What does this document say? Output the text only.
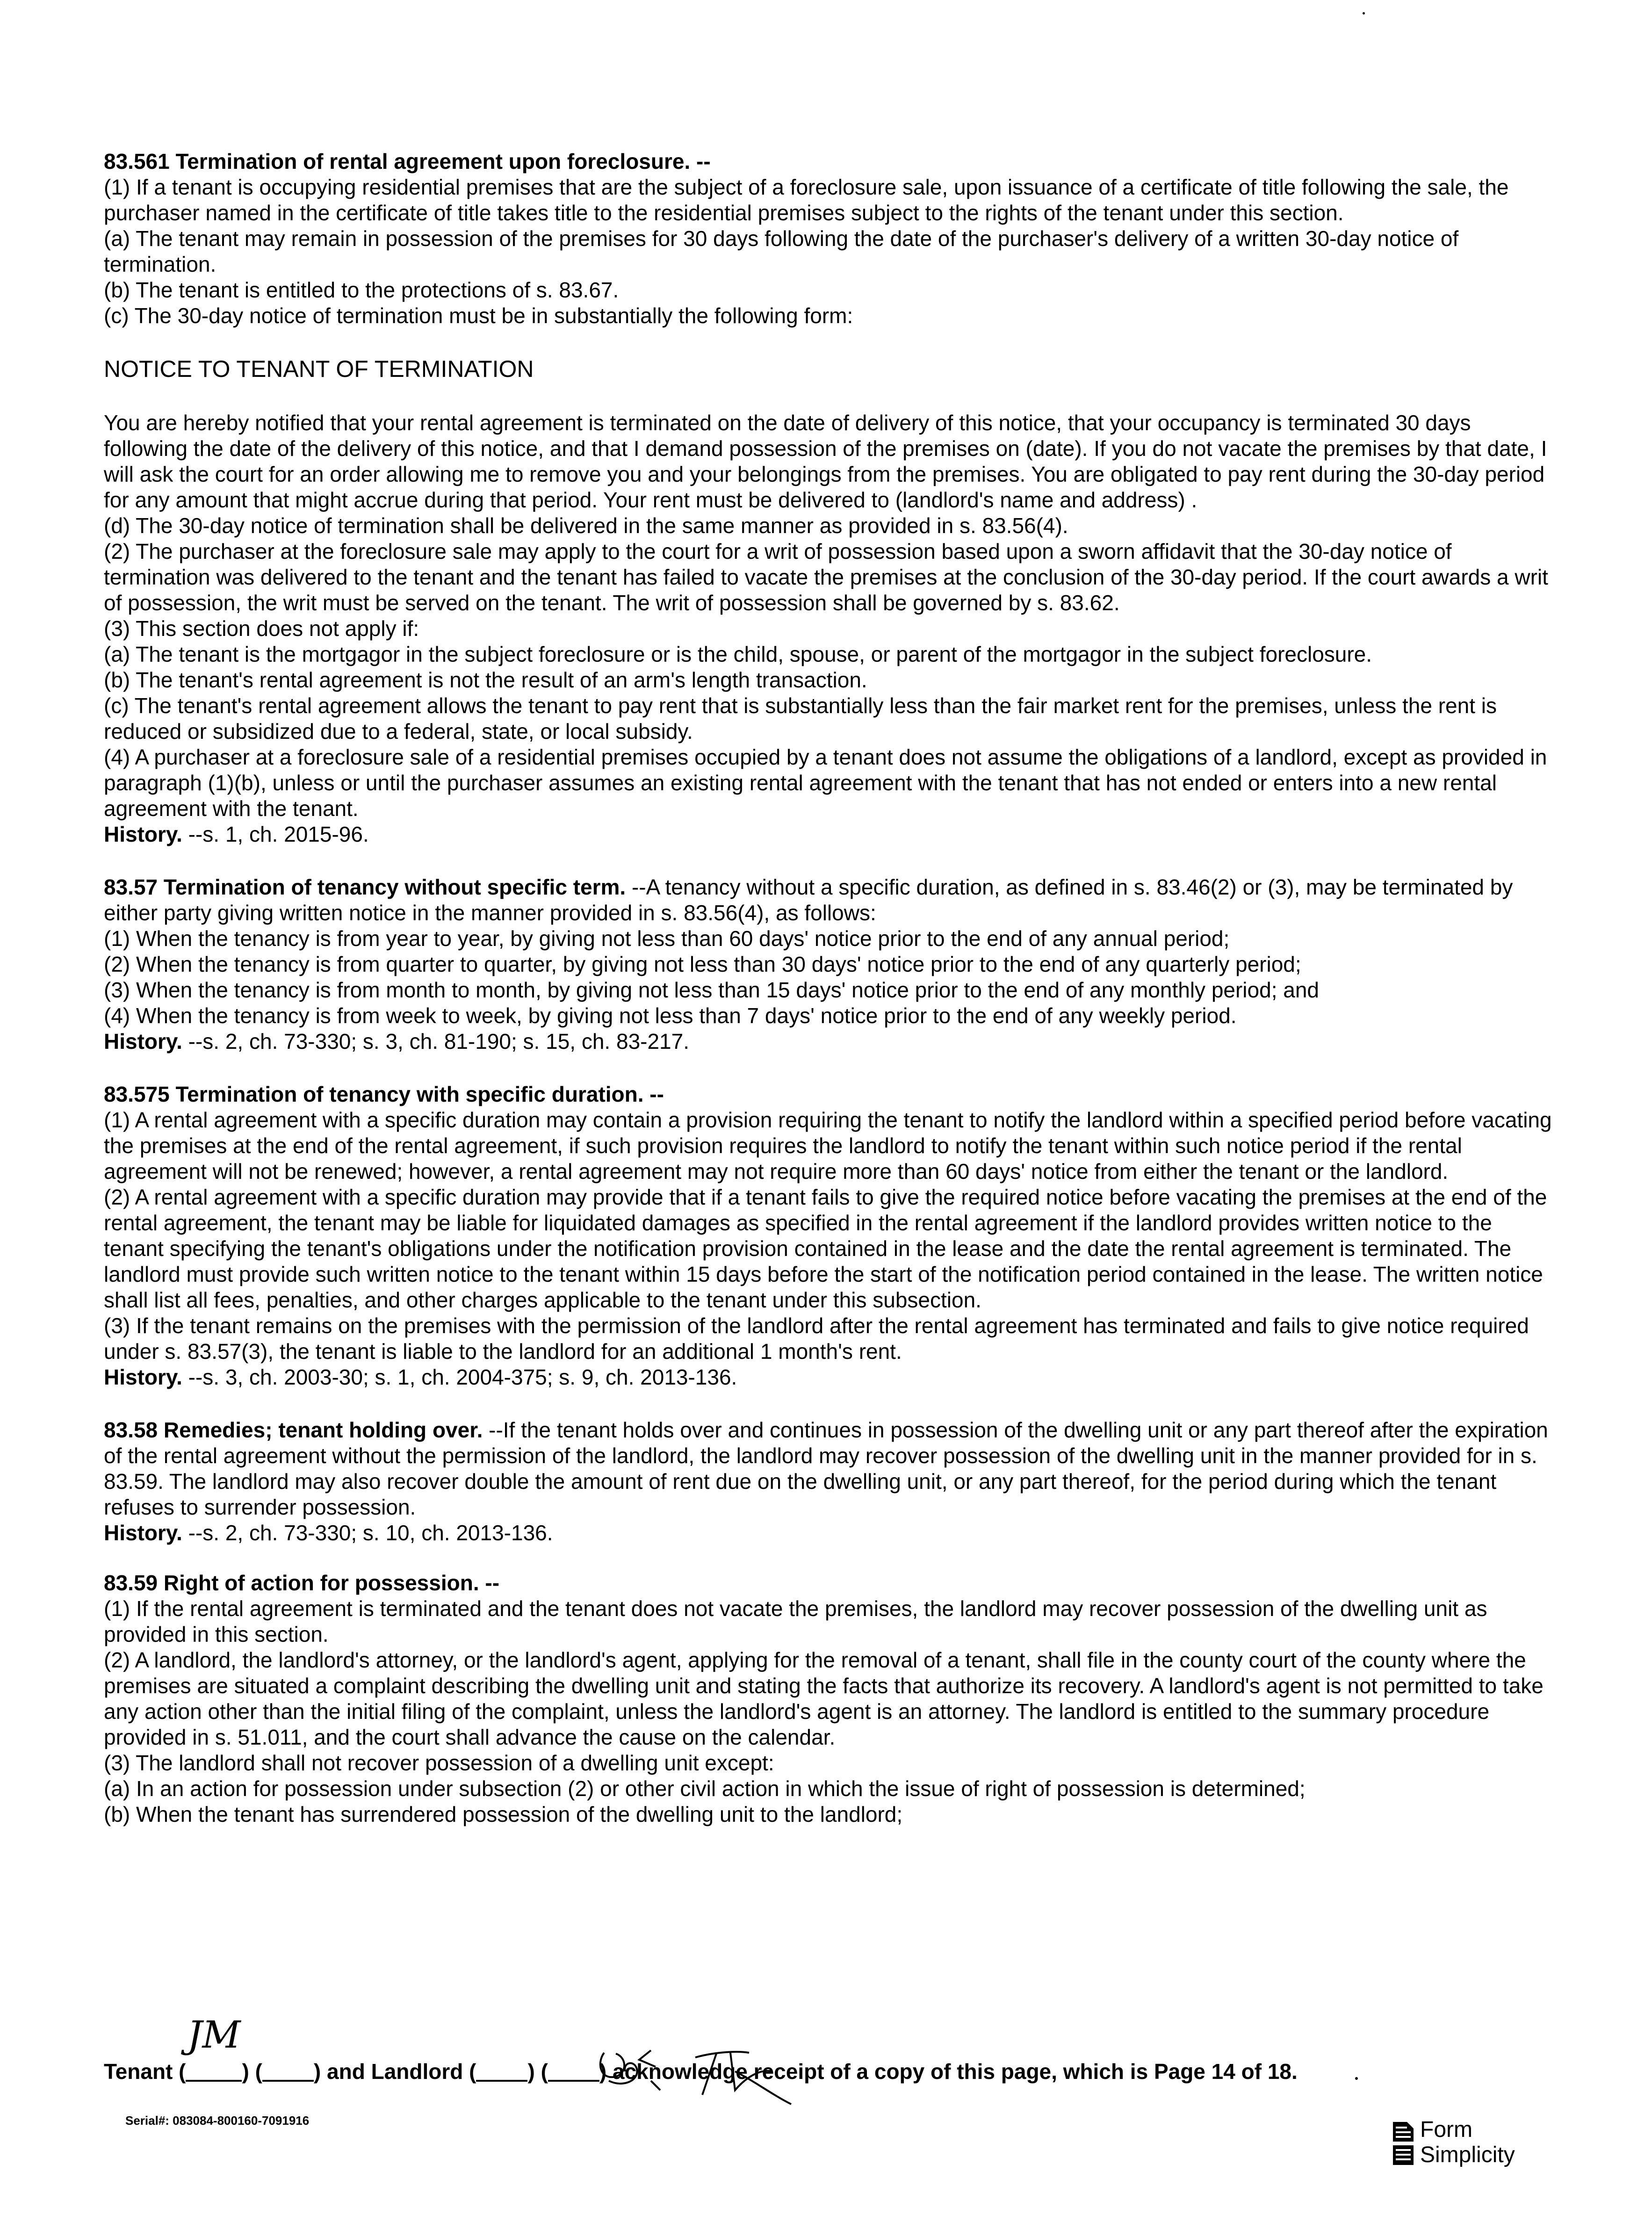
83.561 Termination of rental agreement upon foreclosure. --

(1) If a tenant is occupying residential premises that are the subject of a foreclosure sale, upon issuance of a certificate of title following the sale, the purchaser named in the certificate of title takes title to the residential premises subject to the rights of the tenant under this section.

(a) The tenant may remain in possession of the premises for 30 days following the date of the purchaser's delivery of a written 30-day notice of termination.

(b) The tenant is entitled to the protections of s. 83.67.

(c) The 30-day notice of termination must be in substantially the following form:

NOTICE TO TENANT OF TERMINATION

You are hereby notified that your rental agreement is terminated on the date of delivery of this notice, that your occupancy is terminated 30 days following the date of the delivery of this notice, and that I demand possession of the premises on (date). If you do not vacate the premises by that date, I will ask the court for an order allowing me to remove you and your belongings from the premises. You are obligated to pay rent during the 30-day period for any amount that might accrue during that period. Your rent must be delivered to (landlord's name and address) .

(d) The 30-day notice of termination shall be delivered in the same manner as provided in s. 83.56(4).

(2) The purchaser at the foreclosure sale may apply to the court for a writ of possession based upon a sworn affidavit that the 30-day notice of termination was delivered to the tenant and the tenant has failed to vacate the premises at the conclusion of the 30-day period. If the court awards a writ of possession, the writ must be served on the tenant. The writ of possession shall be governed by s. 83.62.

(3) This section does not apply if:

(a) The tenant is the mortgagor in the subject foreclosure or is the child, spouse, or parent of the mortgagor in the subject foreclosure.

(b) The tenant's rental agreement is not the result of an arm's length transaction.

(c) The tenant's rental agreement allows the tenant to pay rent that is substantially less than the fair market rent for the premises, unless the rent is reduced or subsidized due to a federal, state, or local subsidy.

(4) A purchaser at a foreclosure sale of a residential premises occupied by a tenant does not assume the obligations of a landlord, except as provided in paragraph (1)(b), unless or until the purchaser assumes an existing rental agreement with the tenant that has not ended or enters into a new rental agreement with the tenant.

History. --s. 1, ch. 2015-96.

83.57 Termination of tenancy without specific term. --A tenancy without a specific duration, as defined in s. 83.46(2) or (3), may be terminated by either party giving written notice in the manner provided in s. 83.56(4), as follows:

(1) When the tenancy is from year to year, by giving not less than 60 days' notice prior to the end of any annual period;

(2) When the tenancy is from quarter to quarter, by giving not less than 30 days' notice prior to the end of any quarterly period;

(3) When the tenancy is from month to month, by giving not less than 15 days' notice prior to the end of any monthly period; and

(4) When the tenancy is from week to week, by giving not less than 7 days' notice prior to the end of any weekly period.

History. --s. 2, ch. 73-330; s. 3, ch. 81-190; s. 15, ch. 83-217.

83.575 Termination of tenancy with specific duration. --

(1) A rental agreement with a specific duration may contain a provision requiring the tenant to notify the landlord within a specified period before vacating the premises at the end of the rental agreement, if such provision requires the landlord to notify the tenant within such notice period if the rental agreement will not be renewed; however, a rental agreement may not require more than 60 days' notice from either the tenant or the landlord.

(2) A rental agreement with a specific duration may provide that if a tenant fails to give the required notice before vacating the premises at the end of the rental agreement, the tenant may be liable for liquidated damages as specified in the rental agreement if the landlord provides written notice to the tenant specifying the tenant's obligations under the notification provision contained in the lease and the date the rental agreement is terminated. The landlord must provide such written notice to the tenant within 15 days before the start of the notification period contained in the lease. The written notice shall list all fees, penalties, and other charges applicable to the tenant under this subsection.

(3) If the tenant remains on the premises with the permission of the landlord after the rental agreement has terminated and fails to give notice required under s. 83.57(3), the tenant is liable to the landlord for an additional 1 month's rent.

History. --s. 3, ch. 2003-30; s. 1, ch. 2004-375; s. 9, ch. 2013-136.

83.58 Remedies; tenant holding over. --If the tenant holds over and continues in possession of the dwelling unit or any part thereof after the expiration of the rental agreement without the permission of the landlord, the landlord may recover possession of the dwelling unit in the manner provided for in s. 83.59. The landlord may also recover double the amount of rent due on the dwelling unit, or any part thereof, for the period during which the tenant refuses to surrender possession.

History. --s. 2, ch. 73-330; s. 10, ch. 2013-136.

83.59 Right of action for possession. --

(1) If the rental agreement is terminated and the tenant does not vacate the premises, the landlord may recover possession of the dwelling unit as provided in this section.

(2) A landlord, the landlord's attorney, or the landlord's agent, applying for the removal of a tenant, shall file in the county court of the county where the premises are situated a complaint describing the dwelling unit and stating the facts that authorize its recovery. A landlord's agent is not permitted to take any action other than the initial filing of the complaint, unless the landlord's agent is an attorney. The landlord is entitled to the summary procedure provided in s. 51.011, and the court shall advance the cause on the calendar.

(3) The landlord shall not recover possession of a dwelling unit except:

(a) In an action for possession under subsection (2) or other civil action in which the issue of right of possession is determined;

(b) When the tenant has surrendered possession of the dwelling unit to the landlord;

Tenant (	)
JM
( ) and Landlord ( ) ( ) acknowledge receipt of a copy of this page, which is Page 14 of 18.
Serial#: 083084-800160-7091916	Form
Simplicity
